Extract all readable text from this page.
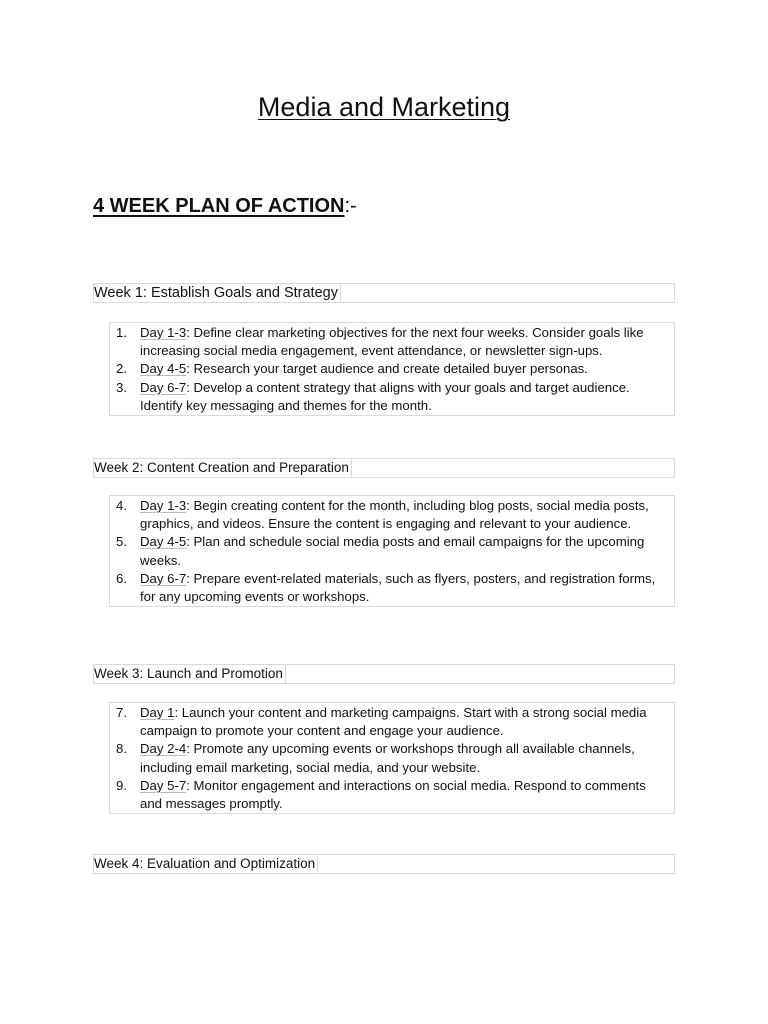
Media and Marketing
4 WEEK PLAN OF ACTION:-
Week 1: Establish Goals and Strategy
1. Day 1-3: Define clear marketing objectives for the next four weeks. Consider goals like increasing social media engagement, event attendance, or newsletter sign-ups.
2. Day 4-5: Research your target audience and create detailed buyer personas.
3. Day 6-7: Develop a content strategy that aligns with your goals and target audience. Identify key messaging and themes for the month.
Week 2: Content Creation and Preparation
4. Day 1-3: Begin creating content for the month, including blog posts, social media posts, graphics, and videos. Ensure the content is engaging and relevant to your audience.
5. Day 4-5: Plan and schedule social media posts and email campaigns for the upcoming weeks.
6. Day 6-7: Prepare event-related materials, such as flyers, posters, and registration forms, for any upcoming events or workshops.
Week 3: Launch and Promotion
7. Day 1: Launch your content and marketing campaigns. Start with a strong social media campaign to promote your content and engage your audience.
8. Day 2-4: Promote any upcoming events or workshops through all available channels, including email marketing, social media, and your website.
9. Day 5-7: Monitor engagement and interactions on social media. Respond to comments and messages promptly.
Week 4: Evaluation and Optimization
